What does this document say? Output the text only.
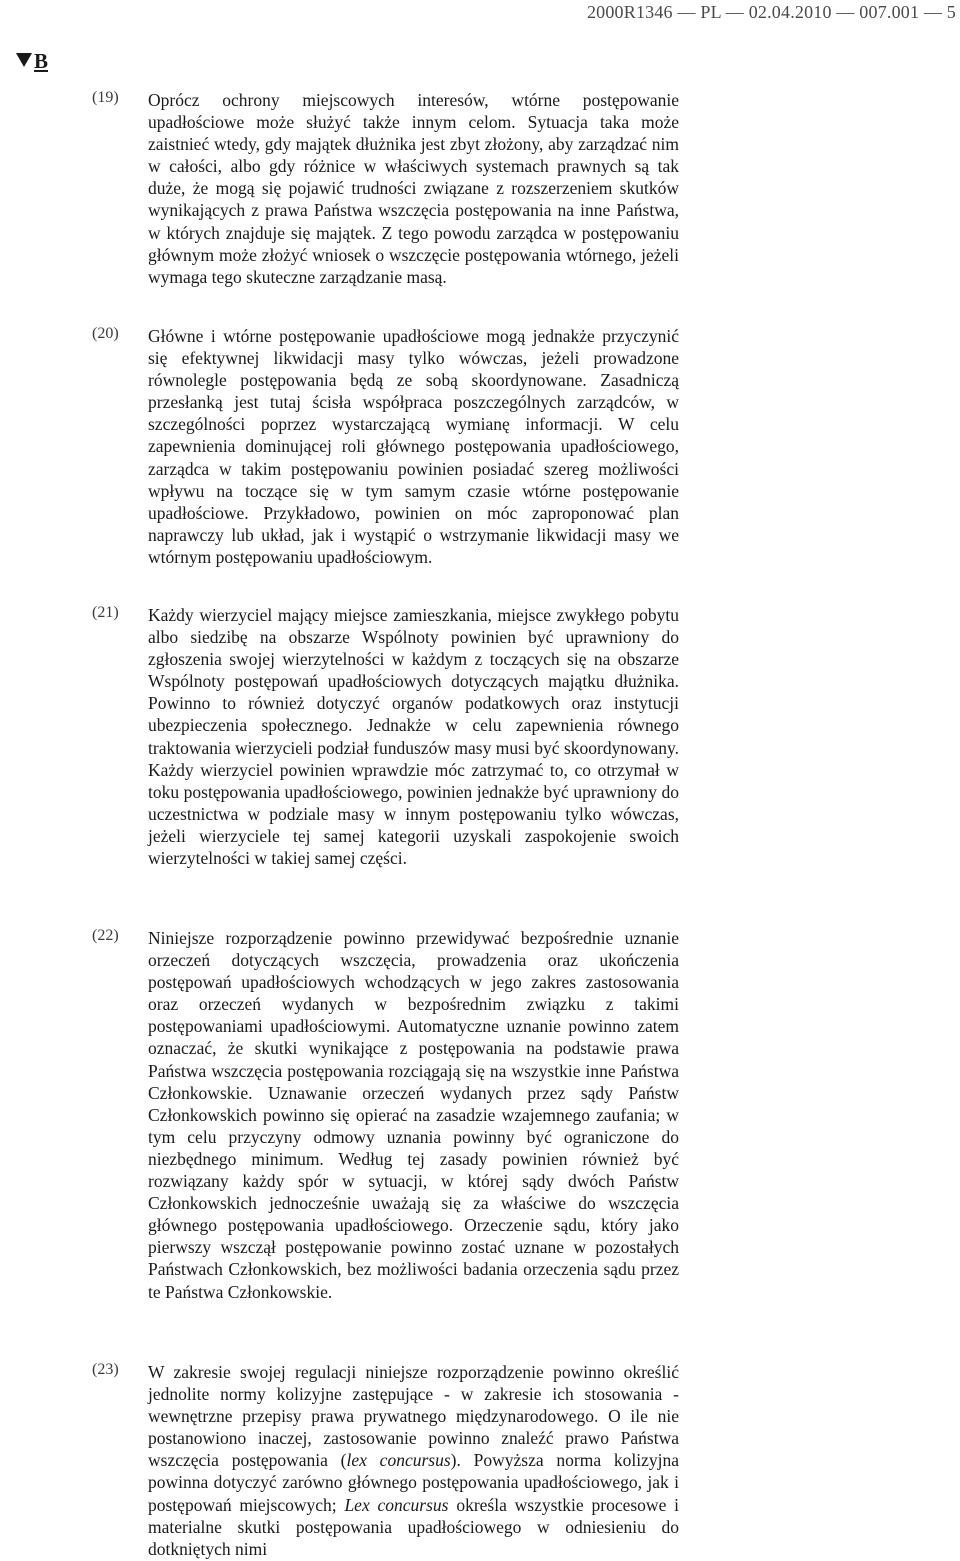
2000R1346 — PL — 02.04.2010 — 007.001 — 5
B
(19)	Oprócz ochrony miejscowych interesów, wtórne postępowanie upadłościowe może służyć także innym celom. Sytuacja taka może zaistnieć wtedy, gdy majątek dłużnika jest zbyt złożony, aby zarządzać nim w całości, albo gdy różnice w właściwych systemach prawnych są tak duże, że mogą się pojawić trudności związane z rozszerzeniem skutków wynikających z prawa Państwa wszczęcia postępowania na inne Państwa, w których znajduje się majątek. Z tego powodu zarządca w postępowaniu głównym może złożyć wniosek o wszczęcie postępowania wtórnego, jeżeli wymaga tego skuteczne zarządzanie masą.
(20)	Główne i wtórne postępowanie upadłościowe mogą jednakże przyczynić się efektywnej likwidacji masy tylko wówczas, jeżeli prowadzone równolegle postępowania będą ze sobą skoordynowane. Zasadniczą przesłanką jest tutaj ścisła współpraca poszczególnych zarządców, w szczególności poprzez wystarczającą wymianę informacji. W celu zapewnienia dominującej roli głównego postępowania upadłościowego, zarządca w takim postępowaniu powinien posiadać szereg możliwości wpływu na toczące się w tym samym czasie wtórne postępowanie upadłościowe. Przykładowo, powinien on móc zaproponować plan naprawczy lub układ, jak i wystąpić o wstrzymanie likwidacji masy we wtórnym postępowaniu upadłościowym.
(21)	Każdy wierzyciel mający miejsce zamieszkania, miejsce zwykłego pobytu albo siedzibę na obszarze Wspólnoty powinien być uprawniony do zgłoszenia swojej wierzytelności w każdym z toczących się na obszarze Wspólnoty postępowań upadłościowych dotyczących majątku dłużnika. Powinno to również dotyczyć organów podatkowych oraz instytucji ubezpieczenia społecznego. Jednakże w celu zapewnienia równego traktowania wierzycieli podział funduszów masy musi być skoordynowany. Każdy wierzyciel powinien wprawdzie móc zatrzymać to, co otrzymał w toku postępowania upadłościowego, powinien jednakże być uprawniony do uczestnictwa w podziale masy w innym postępowaniu tylko wówczas, jeżeli wierzyciele tej samej kategorii uzyskali zaspokojenie swoich wierzytelności w takiej samej części.
(22)	Niniejsze rozporządzenie powinno przewidywać bezpośrednie uznanie orzeczeń dotyczących wszczęcia, prowadzenia oraz ukończenia postępowań upadłościowych wchodzących w jego zakres zastosowania oraz orzeczeń wydanych w bezpośrednim związku z takimi postępowaniami upadłościowymi. Automatyczne uznanie powinno zatem oznaczać, że skutki wynikające z postępowania na podstawie prawa Państwa wszczęcia postępowania rozciągają się na wszystkie inne Państwa Członkowskie. Uznawanie orzeczeń wydanych przez sądy Państw Członkowskich powinno się opierać na zasadzie wzajemnego zaufania; w tym celu przyczyny odmowy uznania powinny być ograniczone do niezbędnego minimum. Według tej zasady powinien również być rozwiązany każdy spór w sytuacji, w której sądy dwóch Państw Członkowskich jednocześnie uważają się za właściwe do wszczęcia głównego postępowania upadłościowego. Orzeczenie sądu, który jako pierwszy wszczął postępowanie powinno zostać uznane w pozostałych Państwach Członkowskich, bez możliwości badania orzeczenia sądu przez te Państwa Członkowskie.
(23)	W zakresie swojej regulacji niniejsze rozporządzenie powinno określić jednolite normy kolizyjne zastępujące - w zakresie ich stosowania - wewnętrzne przepisy prawa prywatnego międzynarodowego. O ile nie postanowiono inaczej, zastosowanie powinno znaleźć prawo Państwa wszczęcia postępowania (lex concursus). Powyższa norma kolizyjna powinna dotyczyć zarówno głównego postępowania upadłościowego, jak i postępowań miejscowych; Lex concursus określa wszystkie procesowe i materialne skutki postępowania upadłościowego w odniesieniu do dotkniętych nimi
